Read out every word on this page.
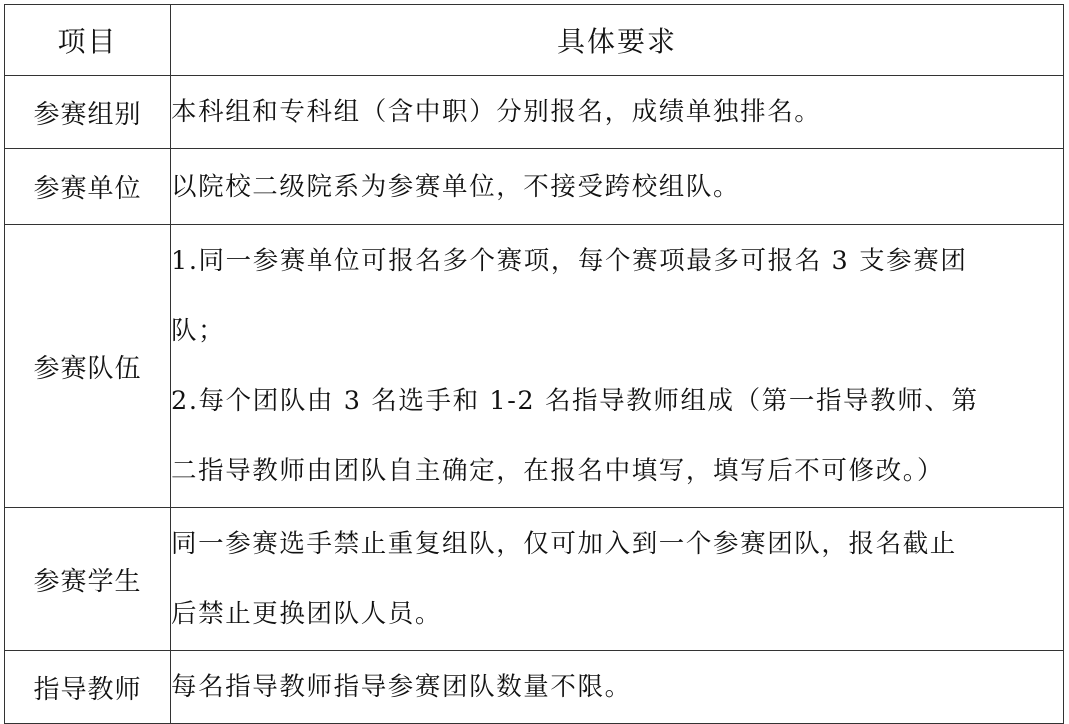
项目	具体要求
参赛组别	本科组和专科组（含中职）分别报名，成绩单独排名。

参赛单位	以院校二级院系为参赛单位，不接受跨校组队。

参赛队伍	1.同一参赛单位可报名多个赛项，每个赛项最多可报名 3 支参赛团
队；
2.每个团队由 3 名选手和 1-2 名指导教师组成（第一指导教师、第
二指导教师由团队自主确定，在报名中填写，填写后不可修改。）

参赛学生	同一参赛选手禁止重复组队，仅可加入到一个参赛团队，报名截止
后禁止更换团队人员。

指导教师	每名指导教师指导参赛团队数量不限。
